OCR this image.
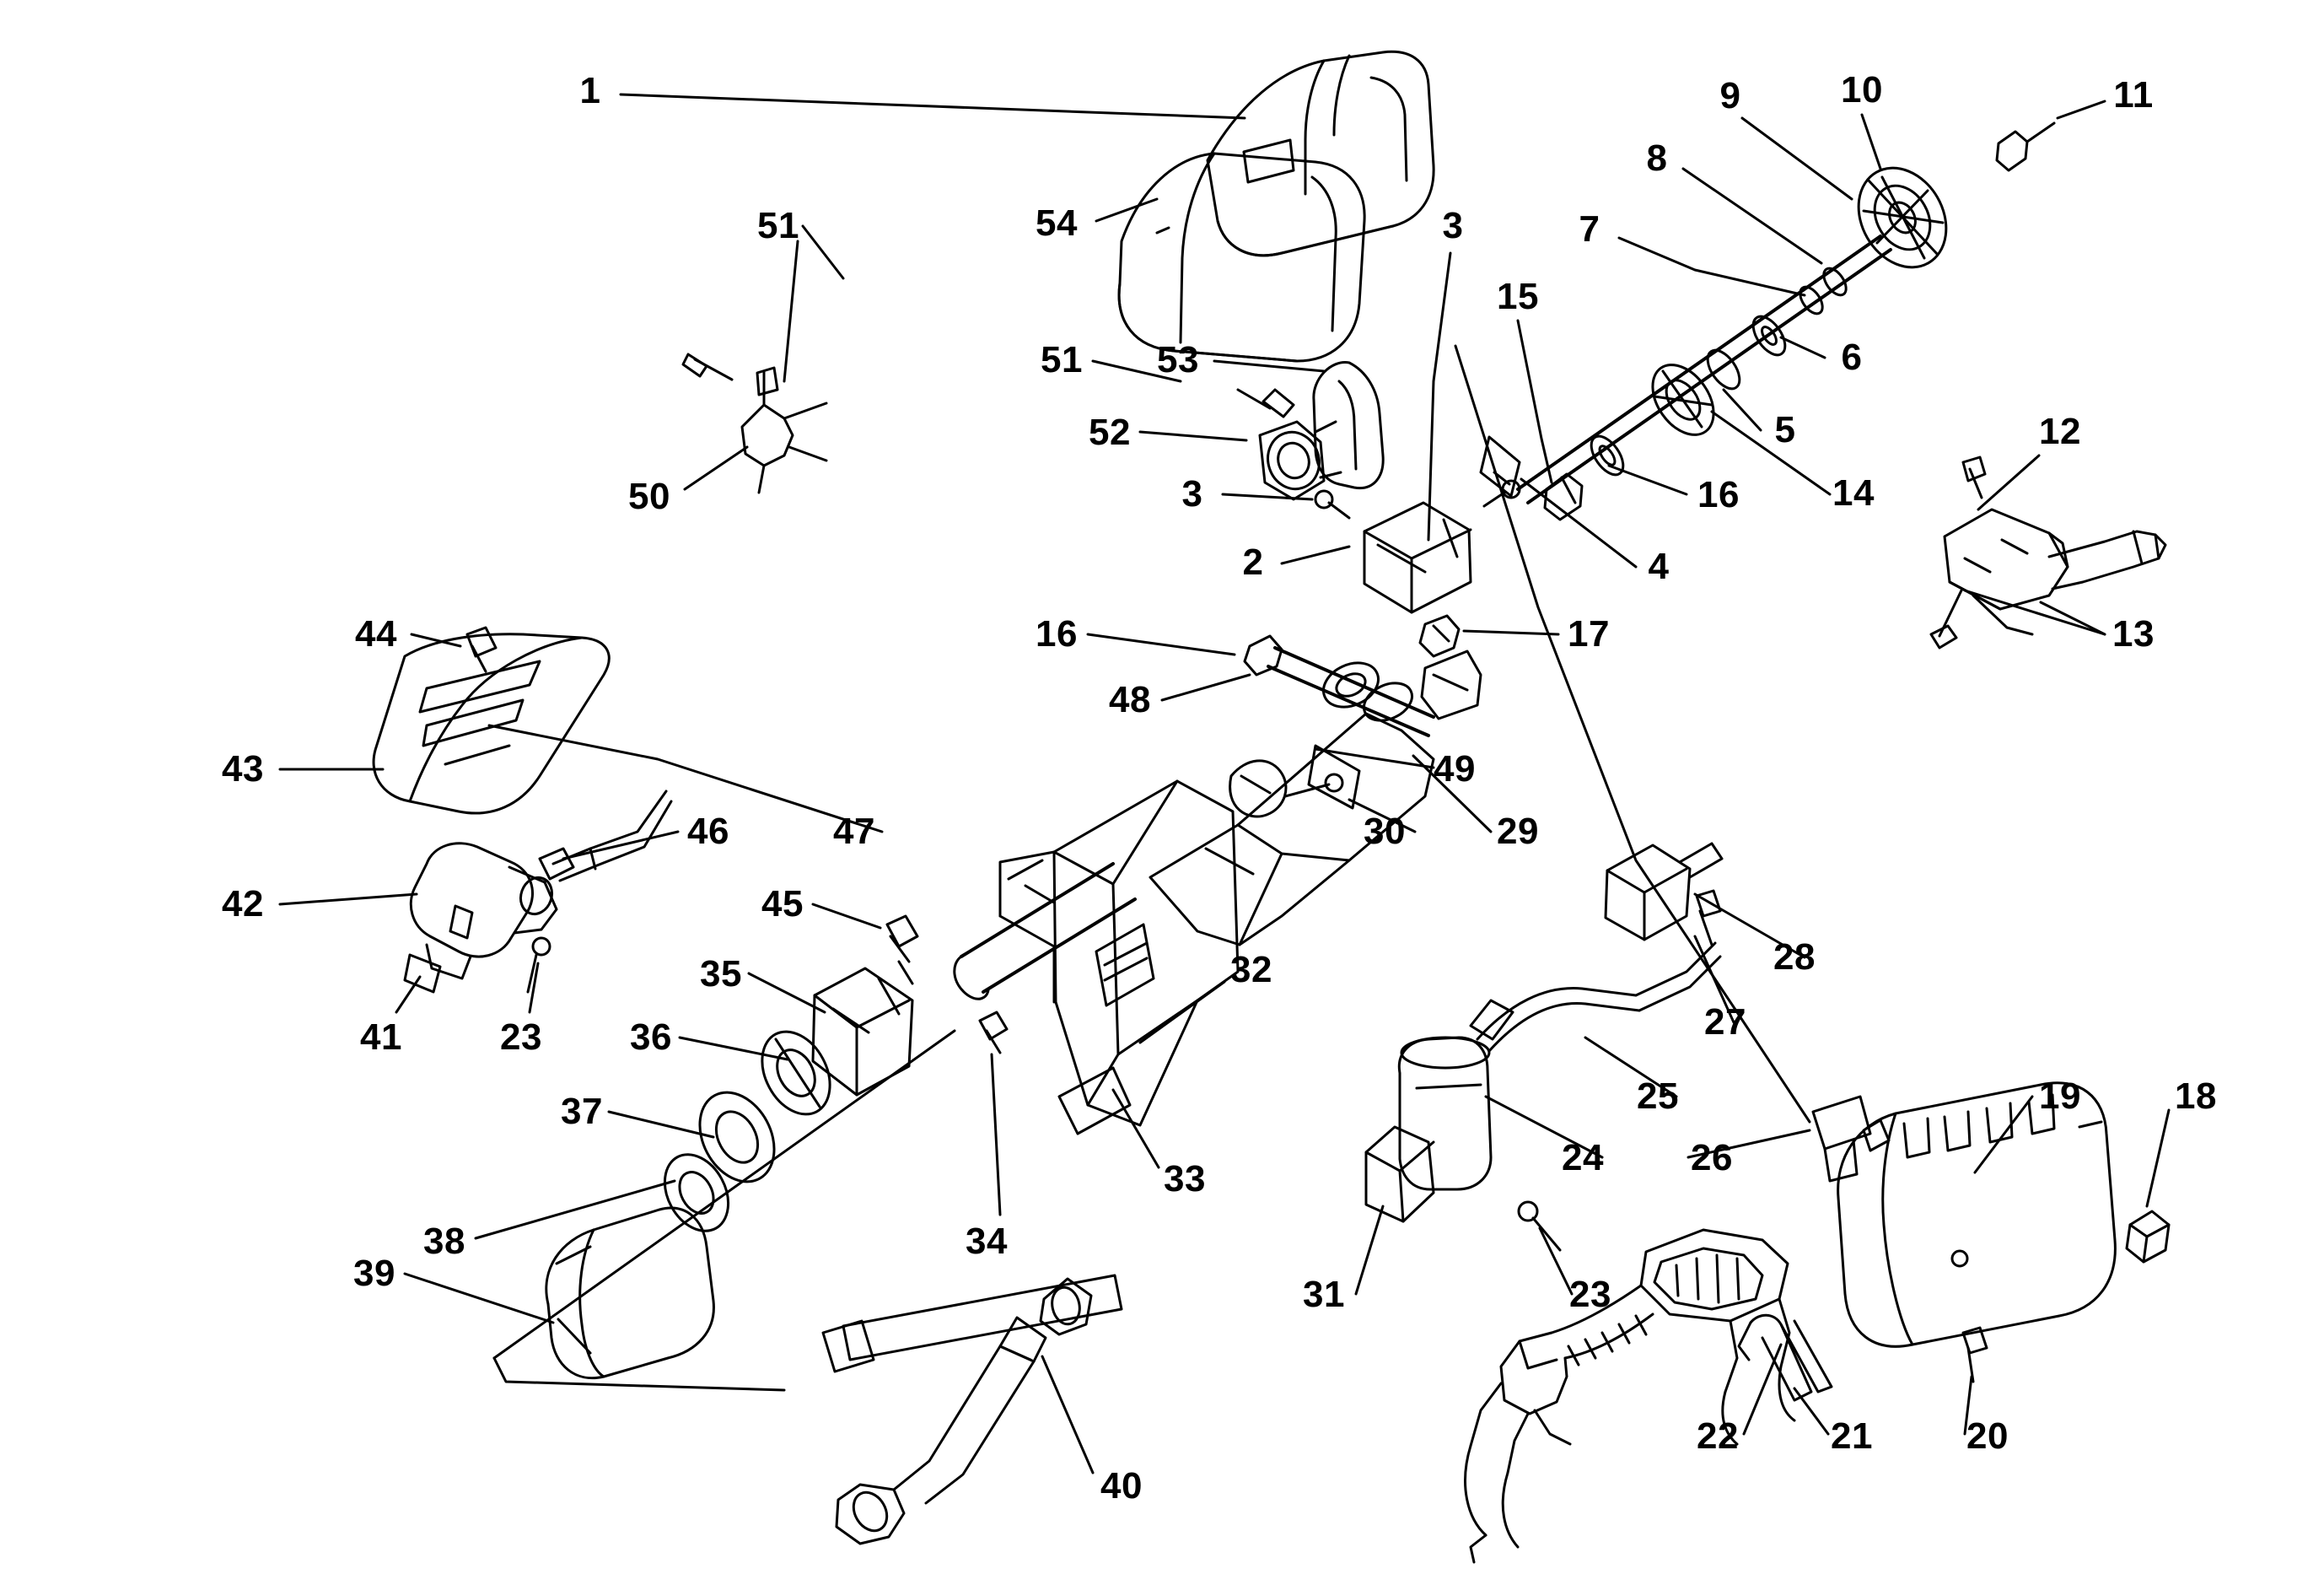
1
54
51
51 53
52
3
2
50
3
15
7
8
9	10	11
6
5
14
16
4
12
13
16
48
17
49
29
30
44
43
42
46
41	23
47
45
35
36
37
38
39
34
32
33
40
31	23
24
25
27
28
26
19	18
22 21	20
